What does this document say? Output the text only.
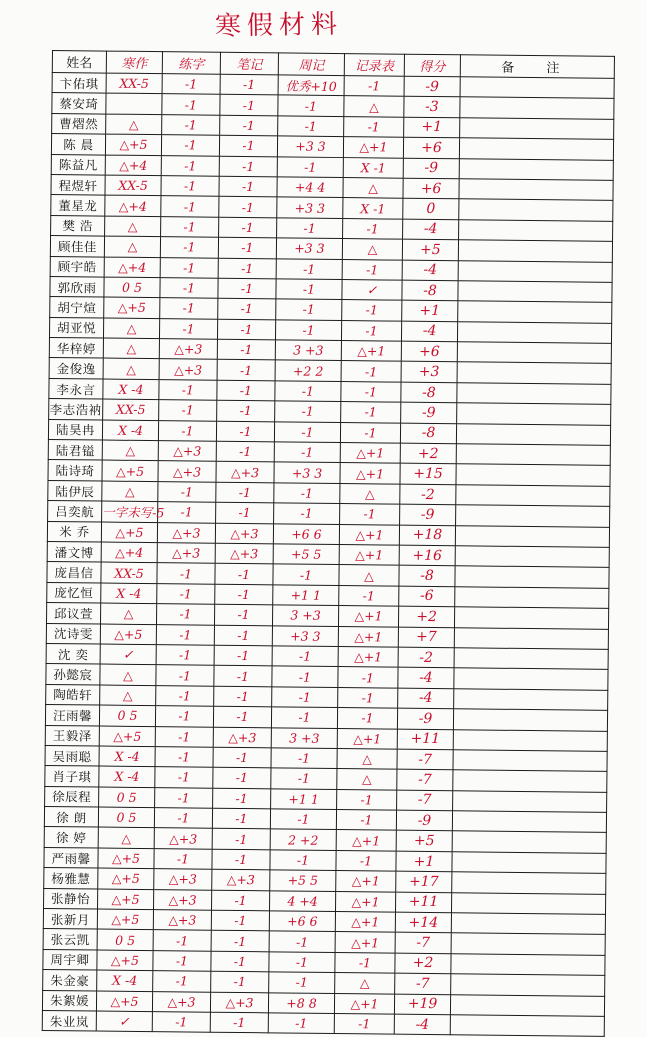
寒假材料
姓名	寒作	练字	笔记	周记	记录表	得分	备 注
卞佑琪	XX-5	-1	-1	优秀+10	-1	-9	
蔡安琦		-1	-1	-1	△	-3	
曹熠然	△	-1	-1	-1	-1	+1	
陈 晨	△+5	-1	-1	+3 3	△+1	+6	
陈益凡	△+4	-1	-1	-1	X -1	-9	
程煜轩	XX-5	-1	-1	+4 4	△	+6	
董星龙	△+4	-1	-1	+3 3	X -1	0	
樊 浩	△	-1	-1	-1	-1	-4	
顾佳佳	△	-1	-1	+3 3	△	+5	
顾宇皓	△+4	-1	-1	-1	-1	-4	
郭欣雨	0 5	-1	-1	-1	✓	-8	
胡宁煊	△+5	-1	-1	-1	-1	+1	
胡亚悦	△	-1	-1	-1	-1	-4	
华梓婷	△	△+3	-1	3 +3	△+1	+6	
金俊逸	△	△+3	-1	+2 2	-1	+3	
李永言	X -4	-1	-1	-1	-1	-8	
李志浩衲	XX-5	-1	-1	-1	-1	-9	
陆昊冉	X -4	-1	-1	-1	-1	-8	
陆君镒	△	△+3	-1	-1	△+1	+2	
陆诗琦	△+5	△+3	△+3	+3 3	△+1	+15	
陆伊辰	△	-1	-1	-1	△	-2	
吕奕航	一字未写-5	-1	-1	-1	-1	-9	
米 乔	△+5	△+3	△+3	+6 6	△+1	+18	
潘文博	△+4	△+3	△+3	+5 5	△+1	+16	
庞昌信	XX-5	-1	-1	-1	△	-8	
庞忆恒	X -4	-1	-1	+1 1	-1	-6	
邱议萱	△	-1	-1	3 +3	△+1	+2	
沈诗雯	△+5	-1	-1	+3 3	△+1	+7	
沈 奕	✓	-1	-1	-1	△+1	-2	
孙懿宸	△	-1	-1	-1	-1	-4	
陶皓轩	△	-1	-1	-1	-1	-4	
汪雨馨	0 5	-1	-1	-1	-1	-9	
王毅泽	△+5	-1	△+3	3 +3	△+1	+11	
吴雨聪	X -4	-1	-1	-1	△	-7	
肖子琪	X -4	-1	-1	-1	△	-7	
徐辰程	0 5	-1	-1	+1 1	-1	-7	
徐 朗	0 5	-1	-1	-1	-1	-9	
徐 婷	△	△+3	-1	2 +2	△+1	+5	
严雨馨	△+5	-1	-1	-1	-1	+1	
杨雅慧	△+5	△+3	△+3	+5 5	△+1	+17	
张静怡	△+5	△+3	-1	4 +4	△+1	+11	
张新月	△+5	△+3	-1	+6 6	△+1	+14	
张云凯	0 5	-1	-1	-1	△+1	-7	
周宇卿	△+5	-1	-1	-1	-1	+2	
朱金豪	X -4	-1	-1	-1	△	-7	
朱絮媛	△+5	△+3	△+3	+8 8	△+1	+19	
朱业岚	✓	-1	-1	-1	-1	-4	
